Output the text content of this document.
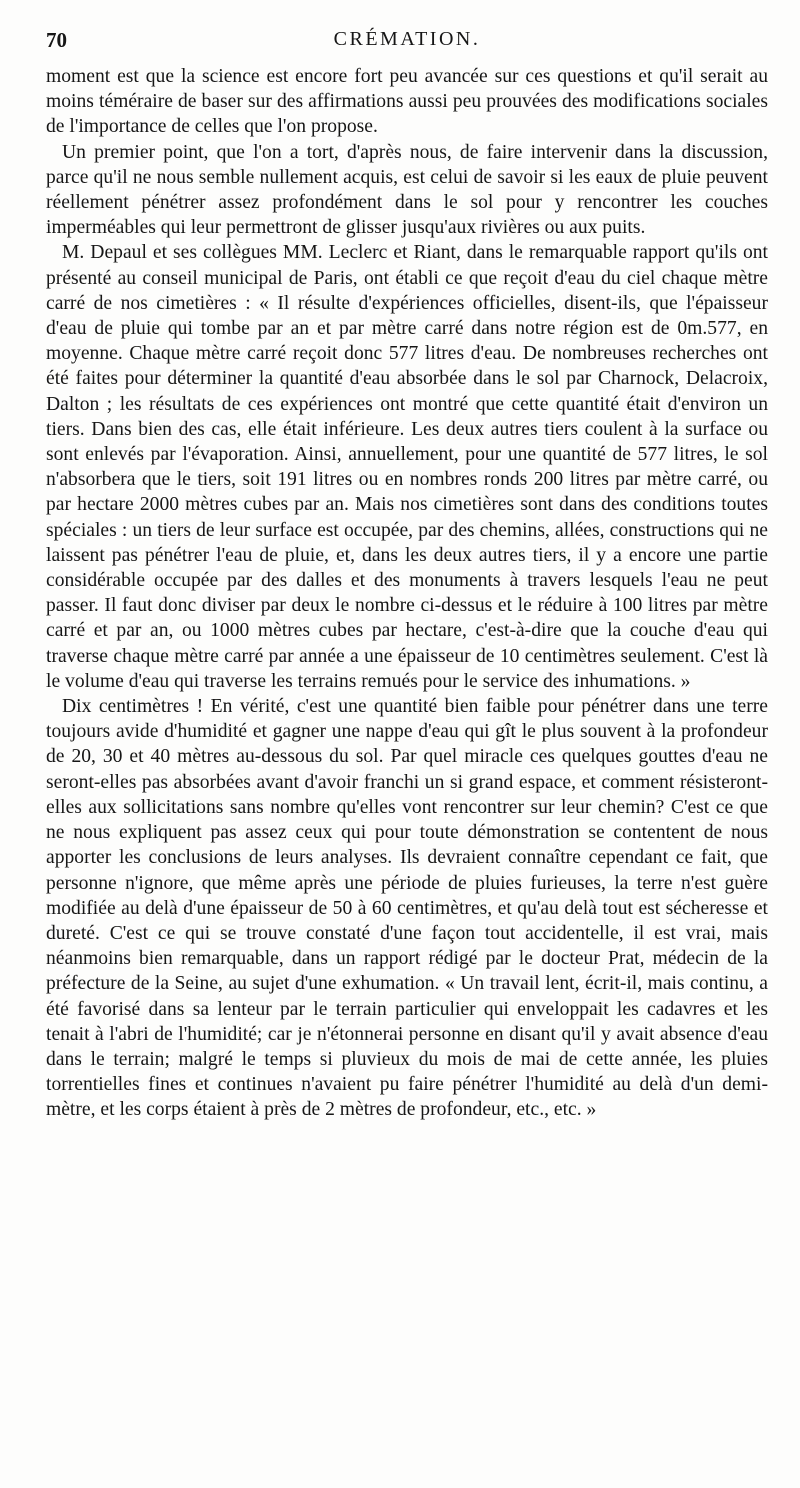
70	CRÉMATION.

moment est que la science est encore fort peu avancée sur ces questions et qu'il serait au moins téméraire de baser sur des affirmations aussi peu prouvées des modifications sociales de l'importance de celles que l'on propose.

Un premier point, que l'on a tort, d'après nous, de faire intervenir dans la discussion, parce qu'il ne nous semble nullement acquis, est celui de savoir si les eaux de pluie peuvent réellement pénétrer assez profondément dans le sol pour y rencontrer les couches imperméables qui leur permettront de glisser jusqu'aux rivières ou aux puits.

M. Depaul et ses collègues MM. Leclerc et Riant, dans le remarquable rapport qu'ils ont présenté au conseil municipal de Paris, ont établi ce que reçoit d'eau du ciel chaque mètre carré de nos cimetières : « Il résulte d'expériences officielles, disent-ils, que l'épaisseur d'eau de pluie qui tombe par an et par mètre carré dans notre région est de 0m.577, en moyenne. Chaque mètre carré reçoit donc 577 litres d'eau. De nombreuses recherches ont été faites pour déterminer la quantité d'eau absorbée dans le sol par Charnock, Delacroix, Dalton ; les résultats de ces expériences ont montré que cette quantité était d'environ un tiers. Dans bien des cas, elle était inférieure. Les deux autres tiers coulent à la surface ou sont enlevés par l'évaporation. Ainsi, annuellement, pour une quantité de 577 litres, le sol n'absorbera que le tiers, soit 191 litres ou en nombres ronds 200 litres par mètre carré, ou par hectare 2000 mètres cubes par an. Mais nos cimetières sont dans des conditions toutes spéciales : un tiers de leur surface est occupée, par des chemins, allées, constructions qui ne laissent pas pénétrer l'eau de pluie, et, dans les deux autres tiers, il y a encore une partie considérable occupée par des dalles et des monuments à travers lesquels l'eau ne peut passer. Il faut donc diviser par deux le nombre ci-dessus et le réduire à 100 litres par mètre carré et par an, ou 1000 mètres cubes par hectare, c'est-à-dire que la couche d'eau qui traverse chaque mètre carré par année a une épaisseur de 10 centimètres seulement. C'est là le volume d'eau qui traverse les terrains remués pour le service des inhumations. »

Dix centimètres ! En vérité, c'est une quantité bien faible pour pénétrer dans une terre toujours avide d'humidité et gagner une nappe d'eau qui gît le plus souvent à la profondeur de 20, 30 et 40 mètres au-dessous du sol. Par quel miracle ces quelques gouttes d'eau ne seront-elles pas absorbées avant d'avoir franchi un si grand espace, et comment résisteront-elles aux sollicitations sans nombre qu'elles vont rencontrer sur leur chemin? C'est ce que ne nous expliquent pas assez ceux qui pour toute démonstration se contentent de nous apporter les conclusions de leurs analyses. Ils devraient connaître cependant ce fait, que personne n'ignore, que même après une période de pluies furieuses, la terre n'est guère modifiée au delà d'une épaisseur de 50 à 60 centimètres, et qu'au delà tout est sécheresse et dureté. C'est ce qui se trouve constaté d'une façon tout accidentelle, il est vrai, mais néanmoins bien remarquable, dans un rapport rédigé par le docteur Prat, médecin de la préfecture de la Seine, au sujet d'une exhumation. « Un travail lent, écrit-il, mais continu, a été favorisé dans sa lenteur par le terrain particulier qui enveloppait les cadavres et les tenait à l'abri de l'humidité; car je n'étonnerai personne en disant qu'il y avait absence d'eau dans le terrain; malgré le temps si pluvieux du mois de mai de cette année, les pluies torrentielles fines et continues n'avaient pu faire pénétrer l'humidité au delà d'un demi-mètre, et les corps étaient à près de 2 mètres de profondeur, etc., etc. »
